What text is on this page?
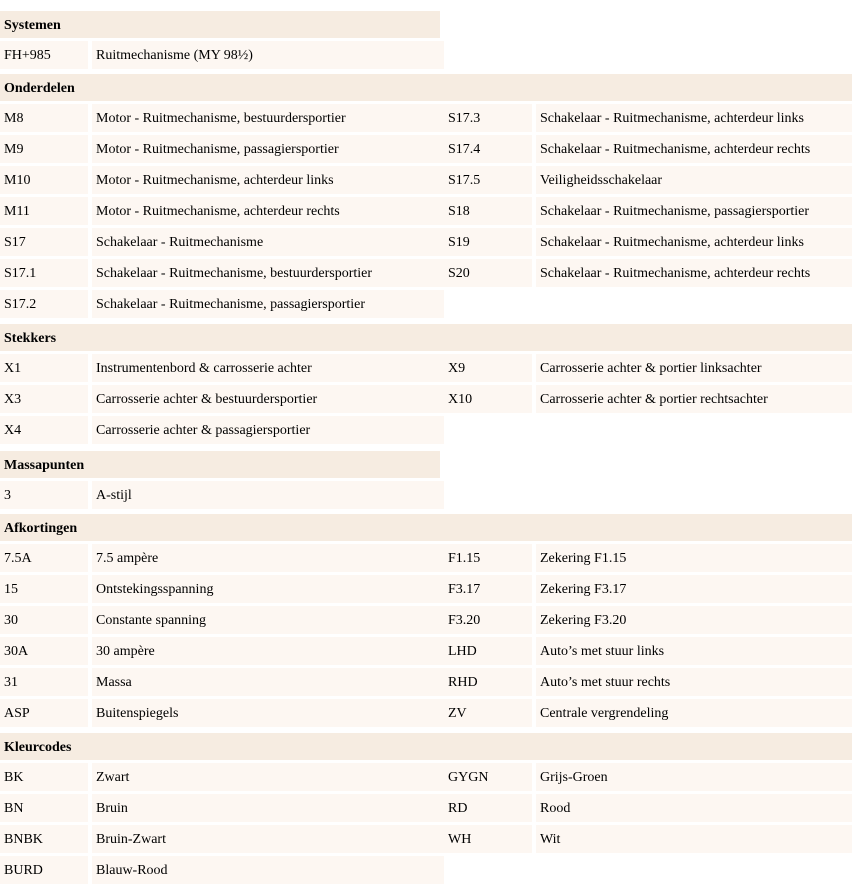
Systemen
FH+985	Ruitmechanisme (MY 98½)
Onderdelen
M8	Motor - Ruitmechanisme, bestuurdersportier	S17.3	Schakelaar - Ruitmechanisme, achterdeur links
M9	Motor - Ruitmechanisme, passagiersportier	S17.4	Schakelaar - Ruitmechanisme, achterdeur rechts
M10	Motor - Ruitmechanisme, achterdeur links	S17.5	Veiligheidsschakelaar
M11	Motor - Ruitmechanisme, achterdeur rechts	S18	Schakelaar - Ruitmechanisme, passagiersportier
S17	Schakelaar - Ruitmechanisme	S19	Schakelaar - Ruitmechanisme, achterdeur links
S17.1	Schakelaar - Ruitmechanisme, bestuurdersportier	S20	Schakelaar - Ruitmechanisme, achterdeur rechts
S17.2	Schakelaar - Ruitmechanisme, passagiersportier
Stekkers
X1	Instrumentenbord & carrosserie achter	X9	Carrosserie achter & portier linksachter
X3	Carrosserie achter & bestuurdersportier	X10	Carrosserie achter & portier rechtsachter
X4	Carrosserie achter & passagiersportier
Massapunten
3	A-stijl
Afkortingen
7.5A	7.5 ampère	F1.15	Zekering F1.15
15	Ontstekingsspanning	F3.17	Zekering F3.17
30	Constante spanning	F3.20	Zekering F3.20
30A	30 ampère	LHD	Auto’s met stuur links
31	Massa	RHD	Auto’s met stuur rechts
ASP	Buitenspiegels	ZV	Centrale vergrendeling
Kleurcodes
BK	Zwart	GYGN	Grijs-Groen
BN	Bruin	RD	Rood
BNBK	Bruin-Zwart	WH	Wit
BURD	Blauw-Rood
